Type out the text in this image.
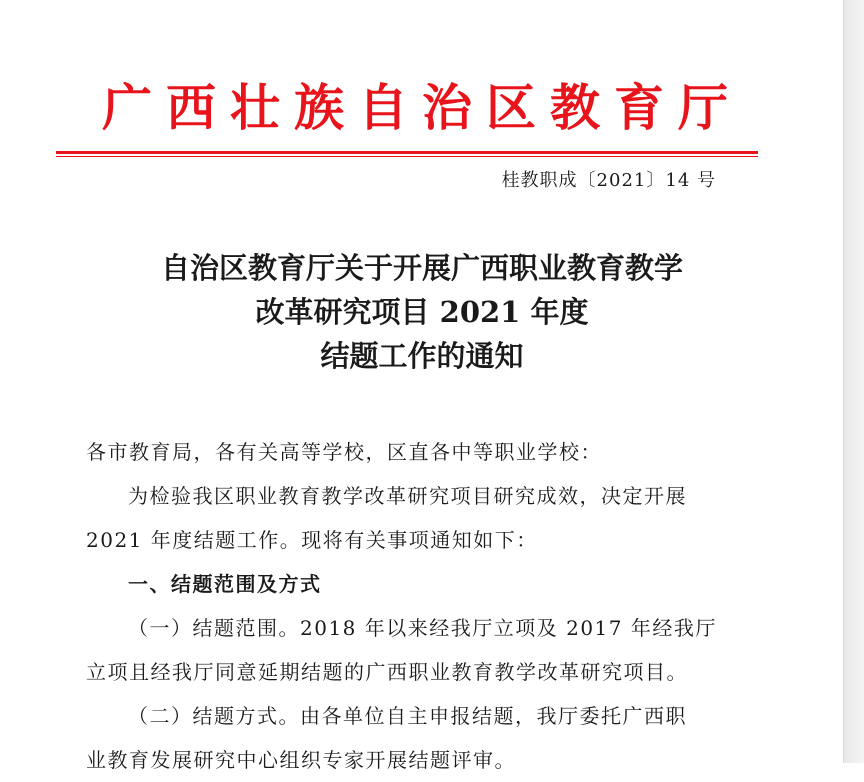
广西壮族自治区教育厅
桂教职成〔2021〕14 号
自治区教育厅关于开展广西职业教育教学
改革研究项目 2021 年度
结题工作的通知

各市教育局，各有关高等学校，区直各中等职业学校：

为检验我区职业教育教学改革研究项目研究成效，决定开展

2021 年度结题工作。现将有关事项通知如下：

一、结题范围及方式

（一）结题范围。2018 年以来经我厅立项及 2017 年经我厅

立项且经我厅同意延期结题的广西职业教育教学改革研究项目。

（二）结题方式。由各单位自主申报结题，我厅委托广西职

业教育发展研究中心组织专家开展结题评审。
